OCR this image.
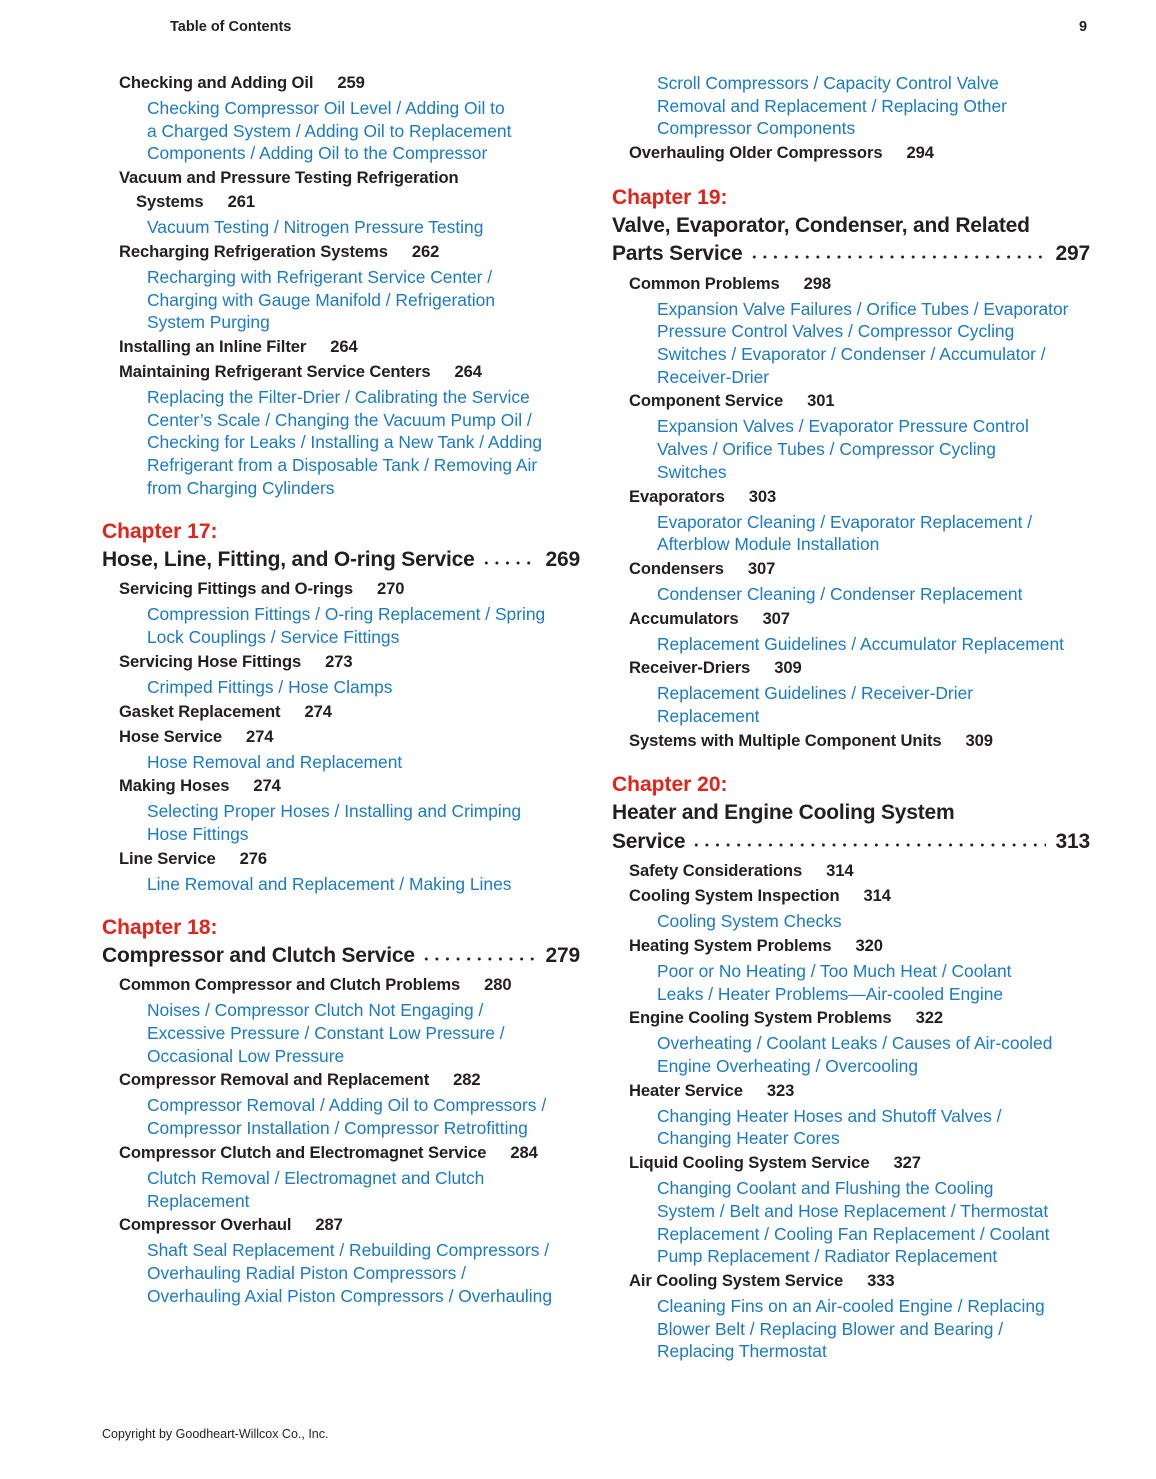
Table of Contents	9
Checking and Adding Oil 259
Checking Compressor Oil Level / Adding Oil to
a Charged System / Adding Oil to Replacement
Components / Adding Oil to the Compressor
Vacuum and Pressure Testing Refrigeration
Systems 261
Vacuum Testing / Nitrogen Pressure Testing
Recharging Refrigeration Systems 262
Recharging with Refrigerant Service Center /
Charging with Gauge Manifold / Refrigeration
System Purging
Installing an Inline Filter 264
Maintaining Refrigerant Service Centers 264
Replacing the Filter-Drier / Calibrating the Service
Center’s Scale / Changing the Vacuum Pump Oil /
Checking for Leaks / Installing a New Tank / Adding
Refrigerant from a Disposable Tank / Removing Air
from Charging Cylinders
Chapter 17:
Hose, Line, Fitting, and O-ring Service	269
Servicing Fittings and O-rings 270
Compression Fittings / O-ring Replacement / Spring
Lock Couplings / Service Fittings
Servicing Hose Fittings 273
Crimped Fittings / Hose Clamps
Gasket Replacement 274
Hose Service 274
Hose Removal and Replacement
Making Hoses 274
Selecting Proper Hoses / Installing and Crimping
Hose Fittings
Line Service 276
Line Removal and Replacement / Making Lines
Chapter 18:
Compressor and Clutch Service	279
Common Compressor and Clutch Problems 280
Noises / Compressor Clutch Not Engaging /
Excessive Pressure / Constant Low Pressure /
Occasional Low Pressure
Compressor Removal and Replacement 282
Compressor Removal / Adding Oil to Compressors /
Compressor Installation / Compressor Retrofitting
Compressor Clutch and Electromagnet Service 284
Clutch Removal / Electromagnet and Clutch
Replacement
Compressor Overhaul 287
Shaft Seal Replacement / Rebuilding Compressors /
Overhauling Radial Piston Compressors /
Overhauling Axial Piston Compressors / Overhauling
Scroll Compressors / Capacity Control Valve
Removal and Replacement / Replacing Other
Compressor Components
Overhauling Older Compressors 294
Chapter 19:
Valve, Evaporator, Condenser, and Related
Parts Service	297
Common Problems 298
Expansion Valve Failures / Orifice Tubes / Evaporator
Pressure Control Valves / Compressor Cycling
Switches / Evaporator / Condenser / Accumulator /
Receiver-Drier
Component Service 301
Expansion Valves / Evaporator Pressure Control
Valves / Orifice Tubes / Compressor Cycling
Switches
Evaporators 303
Evaporator Cleaning / Evaporator Replacement /
Afterblow Module Installation
Condensers 307
Condenser Cleaning / Condenser Replacement
Accumulators 307
Replacement Guidelines / Accumulator Replacement
Receiver-Driers 309
Replacement Guidelines / Receiver-Drier
Replacement
Systems with Multiple Component Units 309
Chapter 20:
Heater and Engine Cooling System
Service	313
Safety Considerations 314
Cooling System Inspection 314
Cooling System Checks
Heating System Problems 320
Poor or No Heating / Too Much Heat / Coolant
Leaks / Heater Problems—Air-cooled Engine
Engine Cooling System Problems 322
Overheating / Coolant Leaks / Causes of Air-cooled
Engine Overheating / Overcooling
Heater Service 323
Changing Heater Hoses and Shutoff Valves /
Changing Heater Cores
Liquid Cooling System Service 327
Changing Coolant and Flushing the Cooling
System / Belt and Hose Replacement / Thermostat
Replacement / Cooling Fan Replacement / Coolant
Pump Replacement / Radiator Replacement
Air Cooling System Service 333
Cleaning Fins on an Air-cooled Engine / Replacing
Blower Belt / Replacing Blower and Bearing /
Replacing Thermostat
Copyright by Goodheart-Willcox Co., Inc.
